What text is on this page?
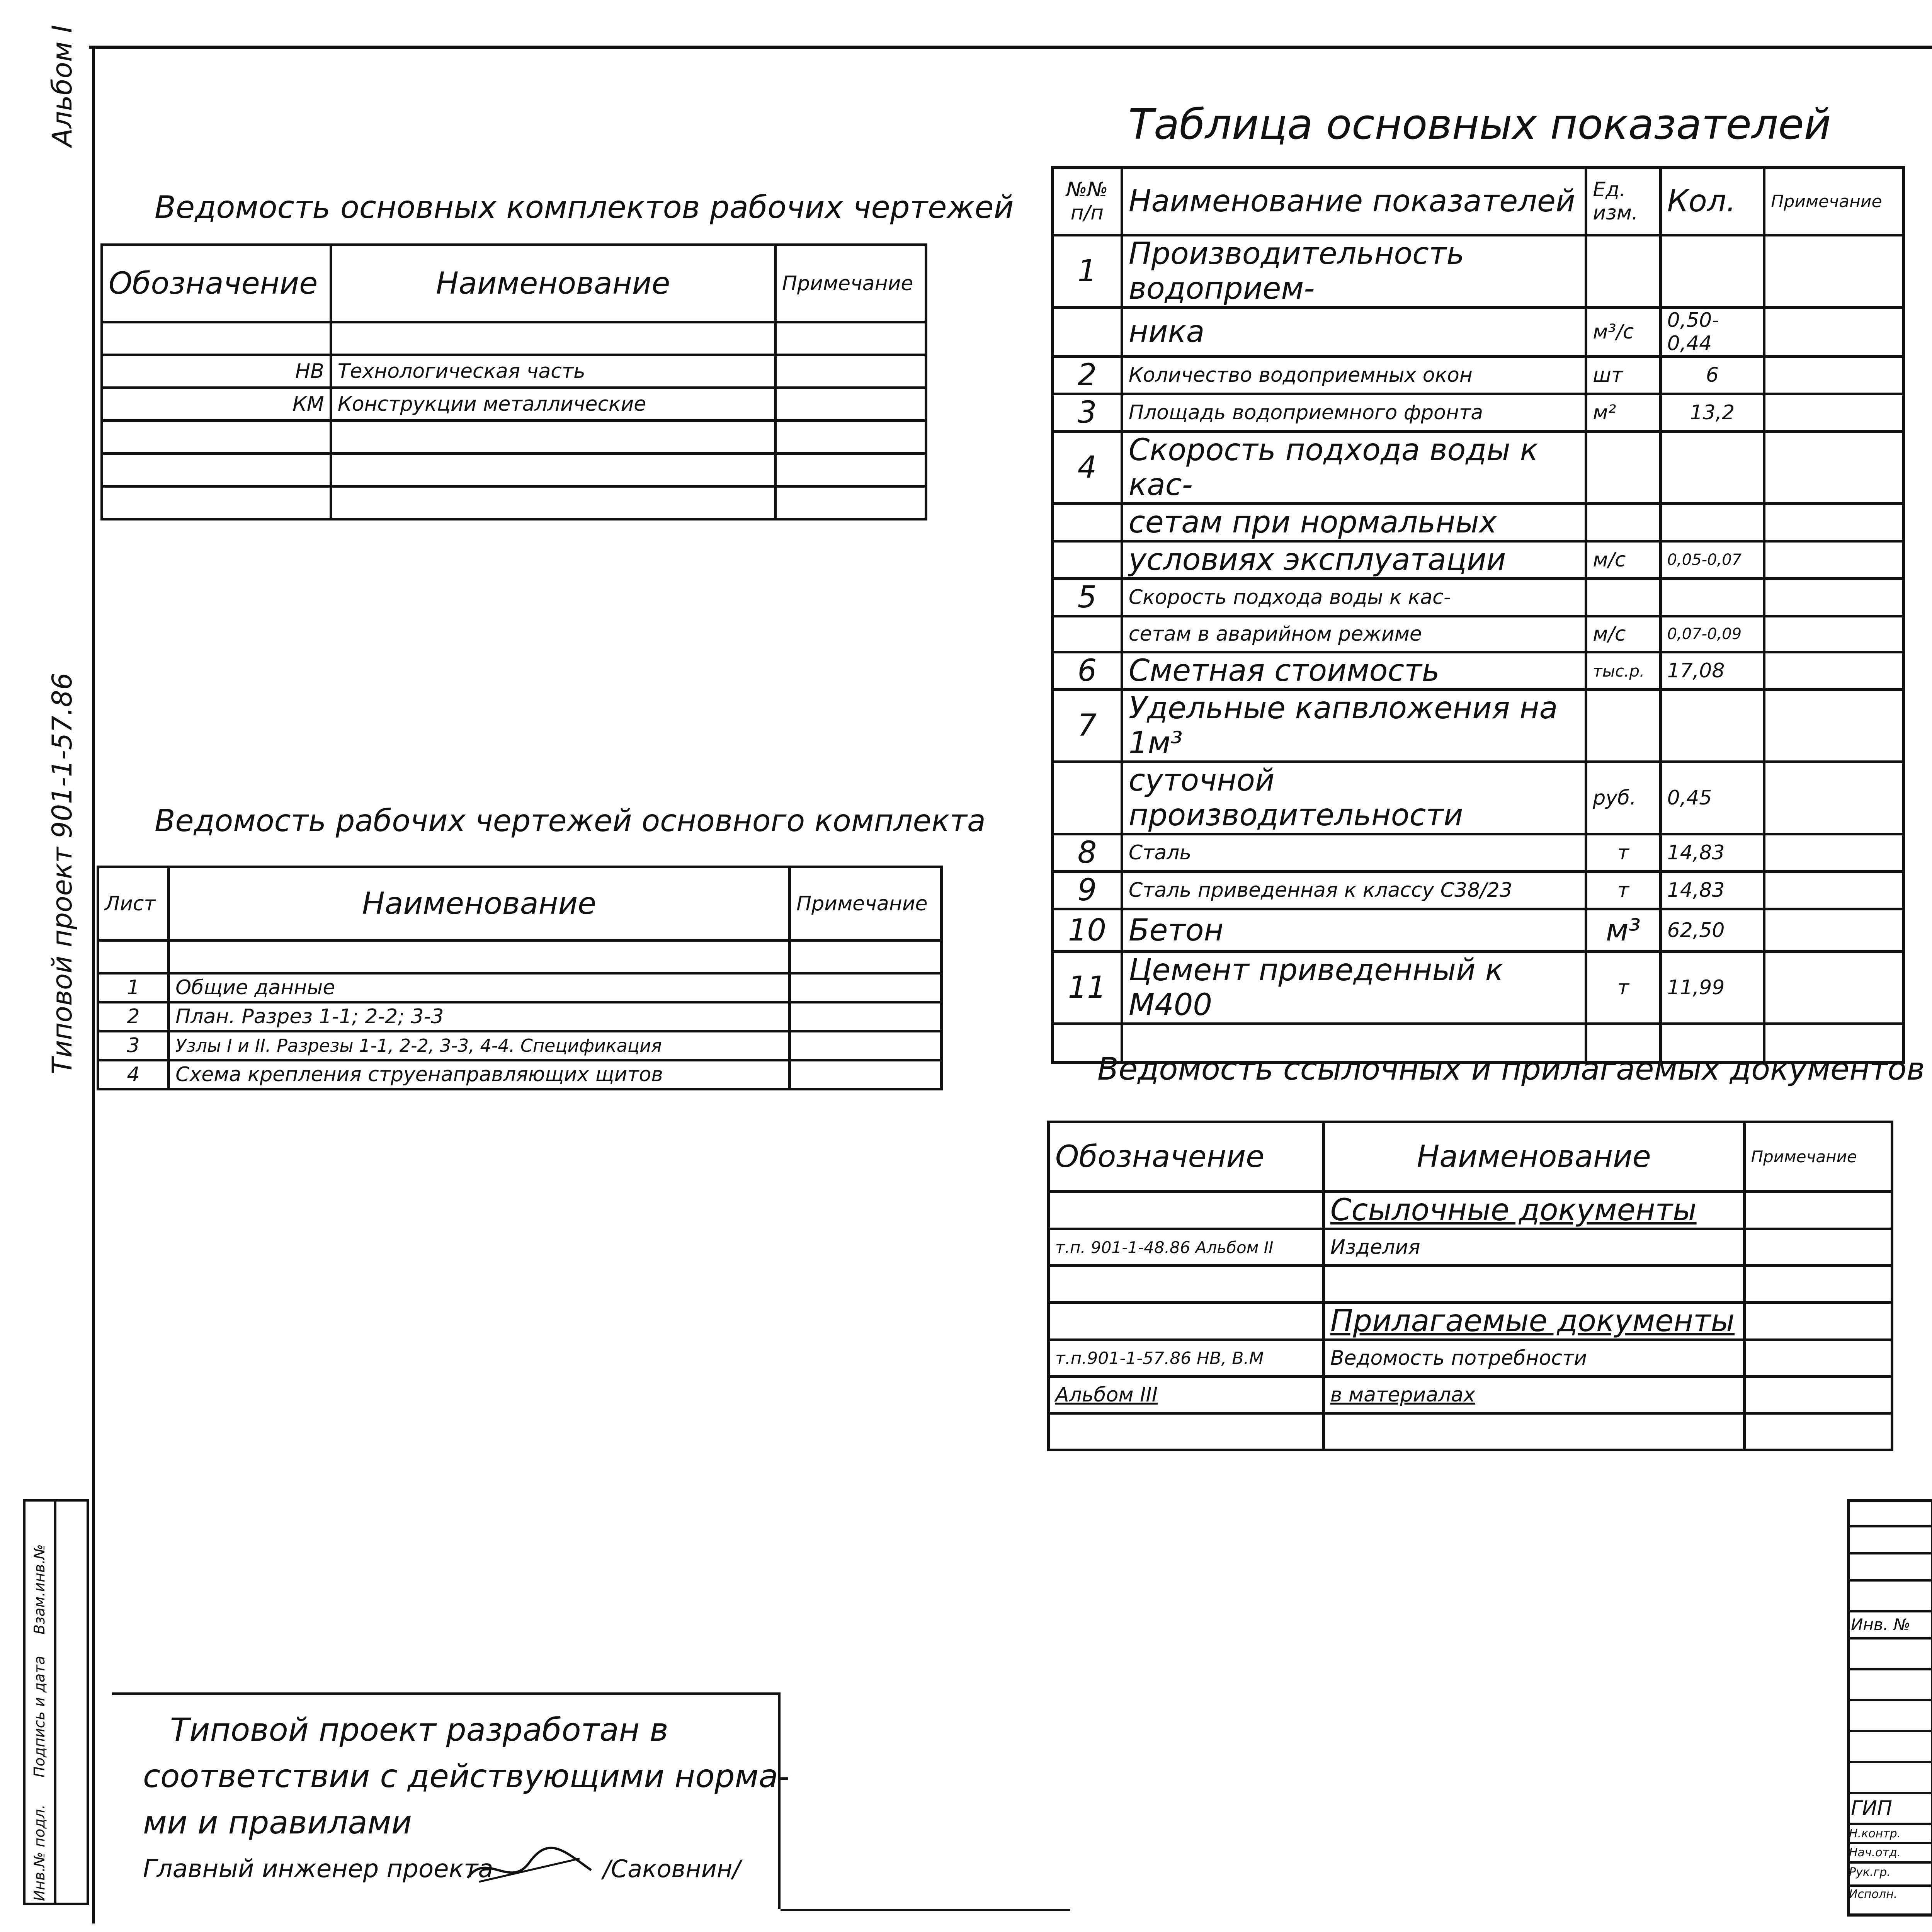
Альбом I
Типовой проект 901-1-57.86
Инв.№ подл.
Подпись и дата
Взам.инв.№
Ведомость основных комплектов рабочих чертежей
Обозначение	Наименование	Примечание

НВ	Технологическая часть	
КМ	Конструкции металлические	

Ведомость рабочих чертежей основного комплекта
Лист	Наименование	Примечание

1	Общие данные	
2	План. Разрез 1-1; 2-2; 3-3	
3	Узлы I и II. Разрезы 1-1, 2-2, 3-3, 4-4. Спецификация	
4	Схема крепления струенаправляющих щитов	
Таблица основных показателей
№№ п/п	Наименование показателей	Ед. изм.	Кол.	Примечание
1	Производительность водоприем-			
	ника	м³/с	0,50-0,44	
2	Количество водоприемных окон	шт	6	
3	Площадь водоприемного фронта	м²	13,2	
4	Скорость подхода воды к кас-			
	сетам при нормальных			
	условиях эксплуатации	м/с	0,05-0,07	
5	Скорость подхода воды к кас-			
	сетам в аварийном режиме	м/с	0,07-0,09	
6	Сметная стоимость	тыс.р.	17,08	
7	Удельные капвложения на 1м³			
	суточной производительности	руб.	0,45	
8	Сталь	т	14,83	
9	Сталь приведенная к классу С38/23	т	14,83	
10	Бетон	м³	62,50	
11	Цемент приведенный к М400	т	11,99	

Ведомость ссылочных и прилагаемых документов
Обозначение	Наименование	Примечание
	Ссылочные документы	
т.п. 901-1-48.86 Альбом II	Изделия	

	Прилагаемые документы	
т.п.901-1-57.86 НВ, В.М	Ведомость потребности	
Альбом III	в материалах	

Типовой проект разработан в
соответствии с действующими норма-
ми и правилами
Главный инженер проекта	/Саковнин/
Инв. №
ГИП
Н.контр.
Нач.отд.
Рук.гр.
Исполн.
